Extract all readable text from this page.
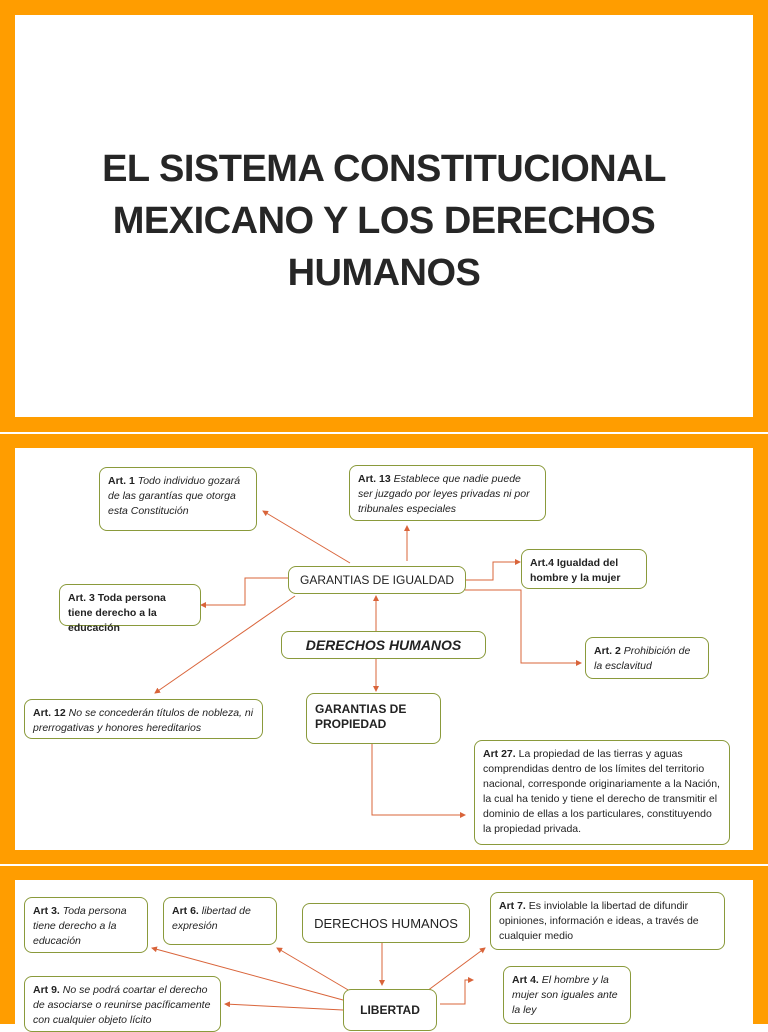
EL SISTEMA CONSTITUCIONAL
MEXICANO Y LOS DERECHOS
HUMANOS
Art. 1 Todo individuo gozará de las garantías que otorga esta Constitución
Art. 13 Establece que nadie puede ser juzgado por leyes privadas ni por tribunales especiales
GARANTIAS DE IGUALDAD
Art.4 Igualdad del hombre y la mujer
Art. 3 Toda persona tiene derecho a la educación
DERECHOS HUMANOS	Art. 2 Prohibición de la esclavitud
Art. 12 No se concederán títulos de nobleza, ni prerrogativas y honores hereditarios
GARANTIAS DE PROPIEDAD
Art 27. La propiedad de las tierras y aguas comprendidas dentro de los límites del territorio nacional, corresponde originariamente a la Nación, la cual ha tenido y tiene el derecho de transmitir el dominio de ellas a los particulares, constituyendo la propiedad privada.
Art 3. Toda persona tiene derecho a la educación
Art 6. libertad de expresión	DERECHOS HUMANOS
Art 7. Es inviolable la libertad de difundir opiniones, información e ideas, a través de cualquier medio
Art 9. No se podrá coartar el derecho de asociarse o reunirse pacíficamente con cualquier objeto lícito
LIBERTAD
Art 4. El hombre y la mujer son iguales ante la ley
